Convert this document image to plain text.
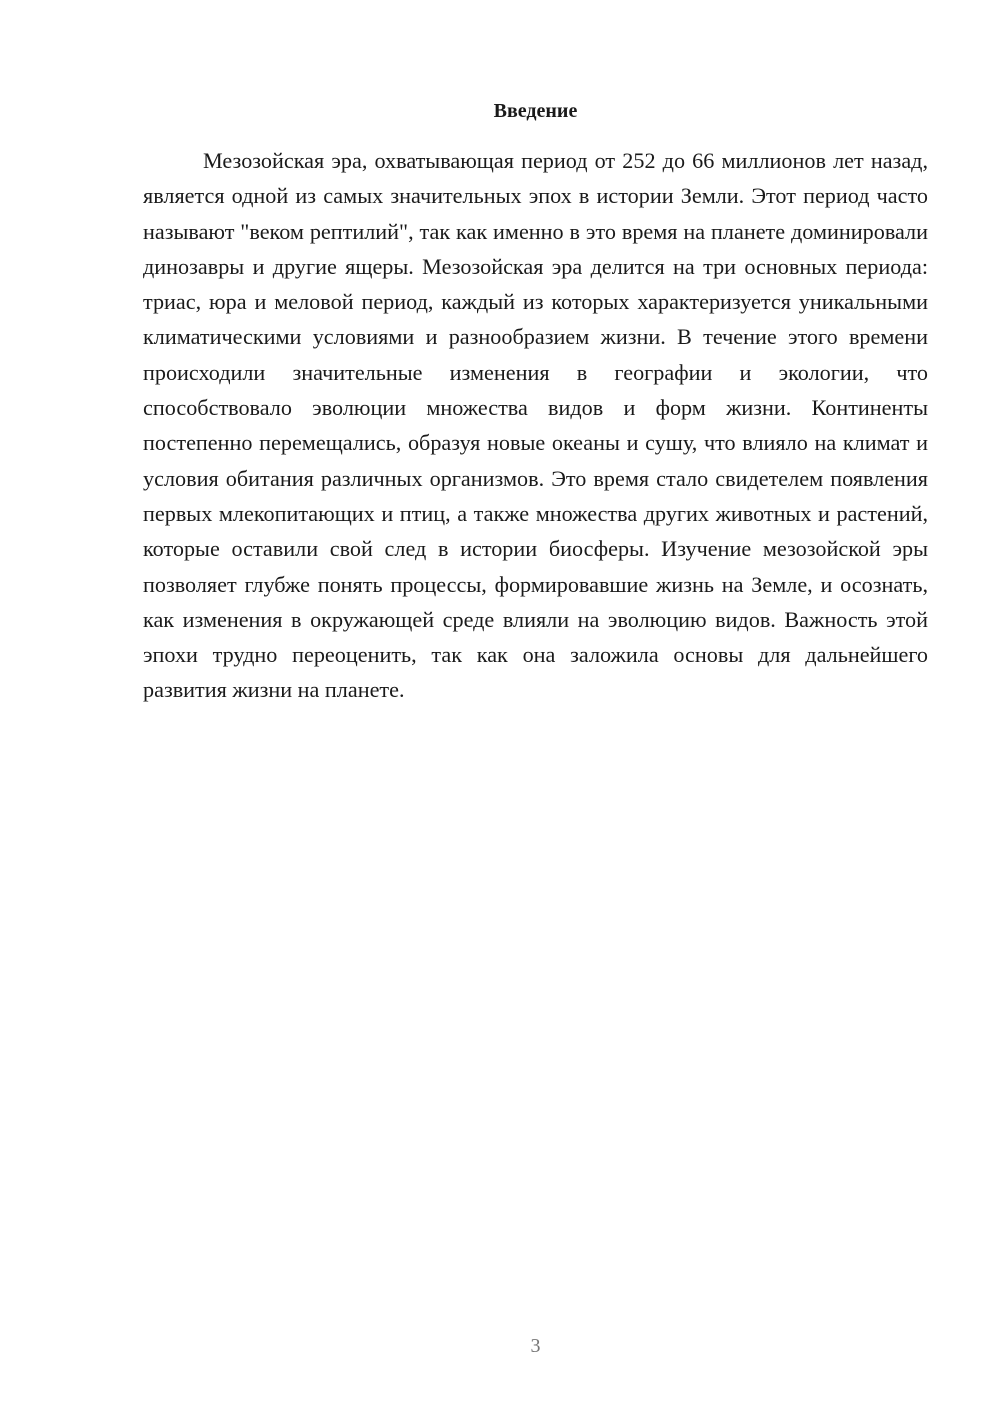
Введение

Мезозойская эра, охватывающая период от 252 до 66 миллионов лет назад, является одной из самых значительных эпох в истории Земли. Этот период часто называют "веком рептилий", так как именно в это время на планете доминировали динозавры и другие ящеры. Мезозойская эра делится на три основных периода: триас, юра и меловой период, каждый из которых характеризуется уникальными климатическими условиями и разнообразием жизни. В течение этого времени происходили значительные изменения в географии и экологии, что способствовало эволюции множества видов и форм жизни. Континенты постепенно перемещались, образуя новые океаны и сушу, что влияло на климат и условия обитания различных организмов. Это время стало свидетелем появления первых млекопитающих и птиц, а также множества других животных и растений, которые оставили свой след в истории биосферы. Изучение мезозойской эры позволяет глубже понять процессы, формировавшие жизнь на Земле, и осознать, как изменения в окружающей среде влияли на эволюцию видов. Важность этой эпохи трудно переоценить, так как она заложила основы для дальнейшего развития жизни на планете.

3
